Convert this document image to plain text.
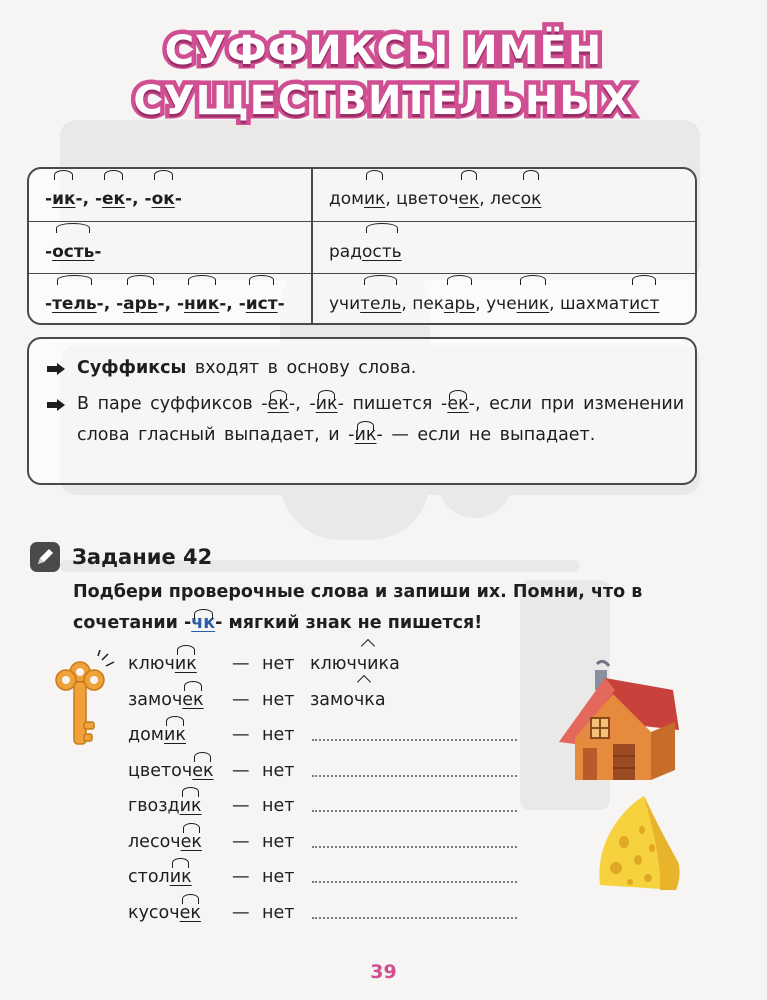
СУФФИКСЫ ИМЁН
СУЩЕСТВИТЕЛЬНЫХ
-ик-, -ек-, -ок-	домик, цветочек, лесок
-ость-	радость
-тель-, -арь-, -ник-, -ист-	учитель, пекарь, ученик, шахматист
Суффиксы входят в основу слова.
В паре суффиксов -ек-, -ик- пишется -ек-, если при изменении слова гласный выпадает, и -ик- — если не выпадает.
Задание 42
Подбери проверочные слова и запиши их. Помни, что в сочетании -чк- мягкий знак не пишется!
ключик — нет ключчика
замочек — нет замочка
домик	— нет
цветочек — нет
гвоздик — нет
лесочек — нет
столик — нет
кусочек — нет
39
